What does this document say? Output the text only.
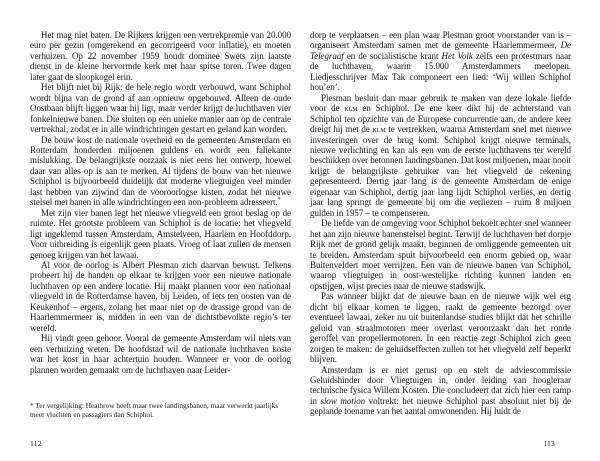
Het mag niet baten. De Rijkers krijgen een vertrekpremie van 20.000 euro per gezin (omgerekend en gecorrigeerd voor inflatie), en moeten verhuizen. Op 22 november 1959 houdt dominee Swets zijn laatste dienst in de kleine hervormde kerk met haar spitse toren. Twee dagen later gaat de sloopkogel erin.

Het blijft niet bij Rijk: de hele regio wordt verbouwd, want Schiphol wordt bijna van de grond af aan opnieuw opgebouwd. Alleen de oude Oostbaan blijft liggen waar hij ligt, maar verder krijgt de luchthaven vier fonkelnieuwe banen. Die sluiten op een unieke manier aan op de centrale vertrekhal, zodat er in alle windrichtingen gestart en geland kan worden.

De bouw kost de nationale overheid en de gemeenten Amsterdam en Rotterdam honderden miljoenen guldens en wordt een faliekante mislukking. De belangrijkste oorzaak is niet eens het ontwerp, hoewel daar van alles op is aan te merken. Al tijdens de bouw van het nieuwe Schiphol is bijvoorbeeld duidelijk dat moderne vliegtuigen veel minder last hebben van zijwind dan de vooroorlogse kisten, zodat het nieuwe stelsel met banen in alle windrichtingen een non-probleem adresseert.*

Met zijn vier banen legt het nieuwe vliegveld een groot beslag op de ruimte. Het grootste probleem van Schiphol is de locatie: het vliegveld ligt ingeklemd tussen Amsterdam, Amstelveen, Haarlem en Hoofddorp. Voor uitbreiding is eigenlijk geen plaats. Vroeg of laat zullen de mensen genoeg krijgen van het lawaai.

Al voor de oorlog is Albert Plesman zich daarvan bewust. Telkens probeert hij de handen op elkaar te krijgen voor een nieuwe nationale luchthaven op een andere locatie. Hij maakt plannen voor een nationaal vliegveld in de Rotterdamse haven, bij Leiden, of iets ten oosten van de Keukenhof – ergens, zolang het maar niet op de drassige grond van de Haarlemmermeer is, midden in een van de dichtstbevolkte regio’s ter wereld.

Hij vindt geen gehoor. Vooral de gemeente Amsterdam wil niets van een verhuizing weten. De hoofdstad wil de nationale luchthaven koste wat het kost in haar achtertuin houden. Wanneer er voor de oorlog plannen worden gemaakt om de luchthaven naar Leider-

* Ter vergelijking: Heathrow heeft maar twee landingsbanen, maar verwerkt jaarlijks meer vluchten en passagiers dan Schiphol.
112

dorp te verplaatsen – een plan waar Plesman groot voorstander van is – organiseert Amsterdam samen met de gemeente Haarlemmermeer, De Telegraaf en de socialistische krant Het Volk zelfs een protestmars naar de luchthaven, waarin 15.000 Amsterdammers meelopen. Liedjesschrijver Max Tak componeert een lied: ‘Wij willen Schiphol hou’en’.

Plesman besluit dan maar gebruik te maken van deze lokale liefde voor de klm en Schiphol. De ene keer dikt hij de achterstand van Schiphol ten opzichte van de Europese concurrentie aan, de andere keer dreigt hij met de klm te vertrekken, waarna Amsterdam snel met nieuwe investeringen over de brug komt. Schiphol krijgt nieuwe terminals, nieuwe verlichting en kan als een van de eerste luchthavens ter wereld beschikken over betonnen landingsbanen. Dat kost miljoenen, maar nooit krijgt de belangrijkste gebruiker van het vliegveld de rekening gepresenteerd. Dertig jaar lang is de gemeente Amsterdam de enige eigenaar van Schiphol, dertig jaar lang lijdt Schiphol verlies, en dertig jaar lang springt de gemeente bij om die verliezen – ruim 8 miljoen gulden in 1957 – te compenseren.

De liefde van de omgeving voor Schiphol bekoelt echter snel wanneer het aan zijn nieuwe banenstelsel begint. Terwijl de luchthaven het dorpje Rijk met de grond gelijk maakt, beginnen de omliggende gemeenten uit te breiden. Amsterdam spuit bijvoorbeeld een enorm gebied op, waar Buitenveldert moet verrijzen. Een van de nieuwe banen van Schiphol, waarop vliegtuigen in oost-westelijke richting kunnen landen en opstijgen, wijst precies naar de nieuwe stadswijk.

Pas wanneer blijkt dat de nieuwe baan en de nieuwe wijk wel erg dicht bij elkaar komen te liggen, raakt de gemeente bezorgd over eventueel lawaai, zeker nu uit buitenlandse studies blijkt dat het schrille geluid van straalmotoren meer overlast veroorzaakt dan het ronde geroffel van propellermotoren. In een reactie zegt Schiphol zich geen zorgen te maken: de geluidseffecten zullen tot het vliegveld zelf beperkt blijven.

Amsterdam is er niet gerust op en stelt de adviescommissie Geluidshinder door Vliegtuigen in, onder leiding van hoogleraar technische fysica Willem Kosten. Die concludeert dat zich hier een ramp in slow motion voltrekt: het nieuwe Schiphol past absoluut niet bij de geplande toename van het aantal omwonenden. Hij luidt de

113
